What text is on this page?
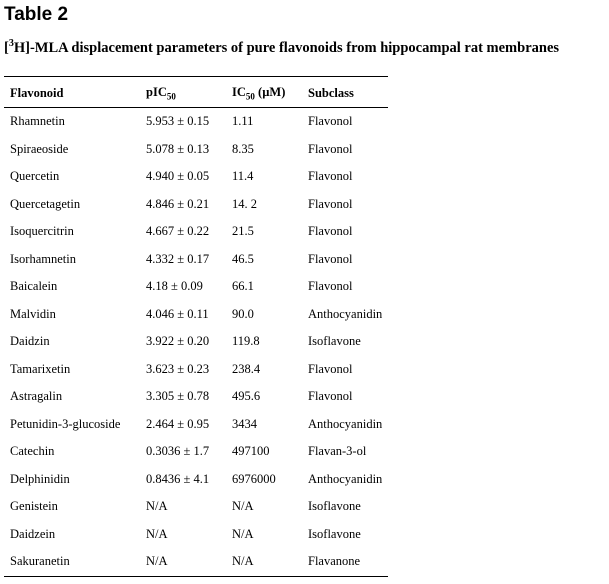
Table 2
[$^3$H]-MLA displacement parameters of pure flavonoids from hippocampal rat membranes
Flavonoid	pIC$_{50}$	$IC_{50}$ (µM)	Subclass
Rhamnetin	5.953 ± 0.15	1.11	Flavonol
Spiraeoside	5.078 ± 0.13	8.35	Flavonol
Quercetin	4.940 ± 0.05	11.4	Flavonol
Quercetagetin	4.846 ± 0.21	14. 2	Flavonol
Isoquercitrin	4.667 ± 0.22	21.5	Flavonol
Isorhamnetin	4.332 ± 0.17	46.5	Flavonol
Baicalein	4.18 ± 0.09	66.1	Flavonol
Malvidin	4.046 ± 0.11	90.0	Anthocyanidin
Daidzin	3.922 ± 0.20	119.8	Isoflavone
Tamarixetin	3.623 ± 0.23	238.4	Flavonol
Astragalin	3.305 ± 0.78	495.6	Flavonol
Petunidin-3-glucoside	2.464 ± 0.95	3434	Anthocyanidin
Catechin	0.3036 ± 1.7	497100	Flavan-3-ol
Delphinidin	0.8436 ± 4.1	6976000	Anthocyanidin
Genistein	N/A	N/A	Isoflavone
Daidzein	N/A	N/A	Isoflavone
Sakuranetin	N/A	N/A	Flavanone
